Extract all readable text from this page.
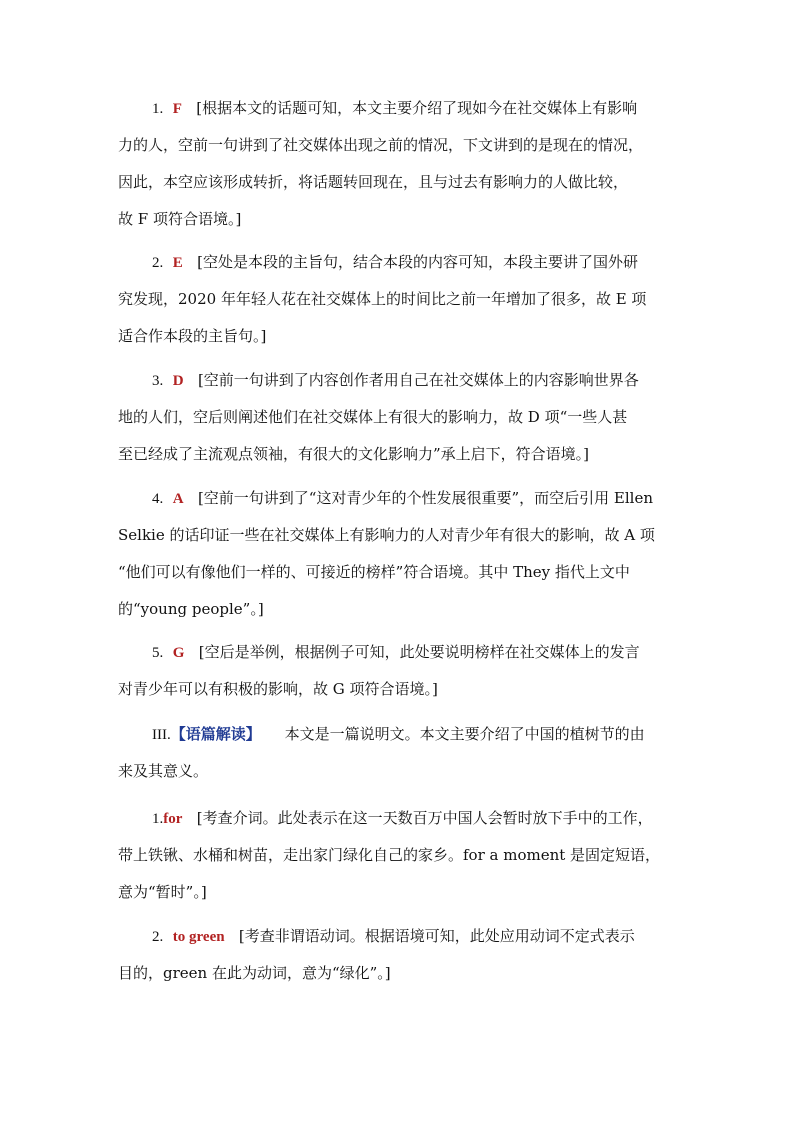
1. F [根据本文的话题可知，本文主要介绍了现如今在社交媒体上有影响
力的人，空前一句讲到了社交媒体出现之前的情况，下文讲到的是现在的情况，
因此，本空应该形成转折，将话题转回现在，且与过去有影响力的人做比较，
故 F 项符合语境。]
2. E [空处是本段的主旨句，结合本段的内容可知，本段主要讲了国外研
究发现，2020 年年轻人花在社交媒体上的时间比之前一年增加了很多，故 E 项
适合作本段的主旨句。]
3. D [空前一句讲到了内容创作者用自己在社交媒体上的内容影响世界各
地的人们，空后则阐述他们在社交媒体上有很大的影响力，故 D 项“一些人甚
至已经成了主流观点领袖，有很大的文化影响力”承上启下，符合语境。]
4. A [空前一句讲到了“这对青少年的个性发展很重要”，而空后引用 Ellen
Selkie 的话印证一些在社交媒体上有影响力的人对青少年有很大的影响，故 A 项
“他们可以有像他们一样的、可接近的榜样”符合语境。其中 They 指代上文中
的“young people”。]
5. G [空后是举例，根据例子可知，此处要说明榜样在社交媒体上的发言
对青少年可以有积极的影响，故 G 项符合语境。]
III.【语篇解读】 本文是一篇说明文。本文主要介绍了中国的植树节的由
来及其意义。
1.for [考查介词。此处表示在这一天数百万中国人会暂时放下手中的工作，
带上铁锹、水桶和树苗，走出家门绿化自己的家乡。for a moment 是固定短语，
意为“暂时”。]
2. to green [考查非谓语动词。根据语境可知，此处应用动词不定式表示
目的，green 在此为动词，意为“绿化”。]
